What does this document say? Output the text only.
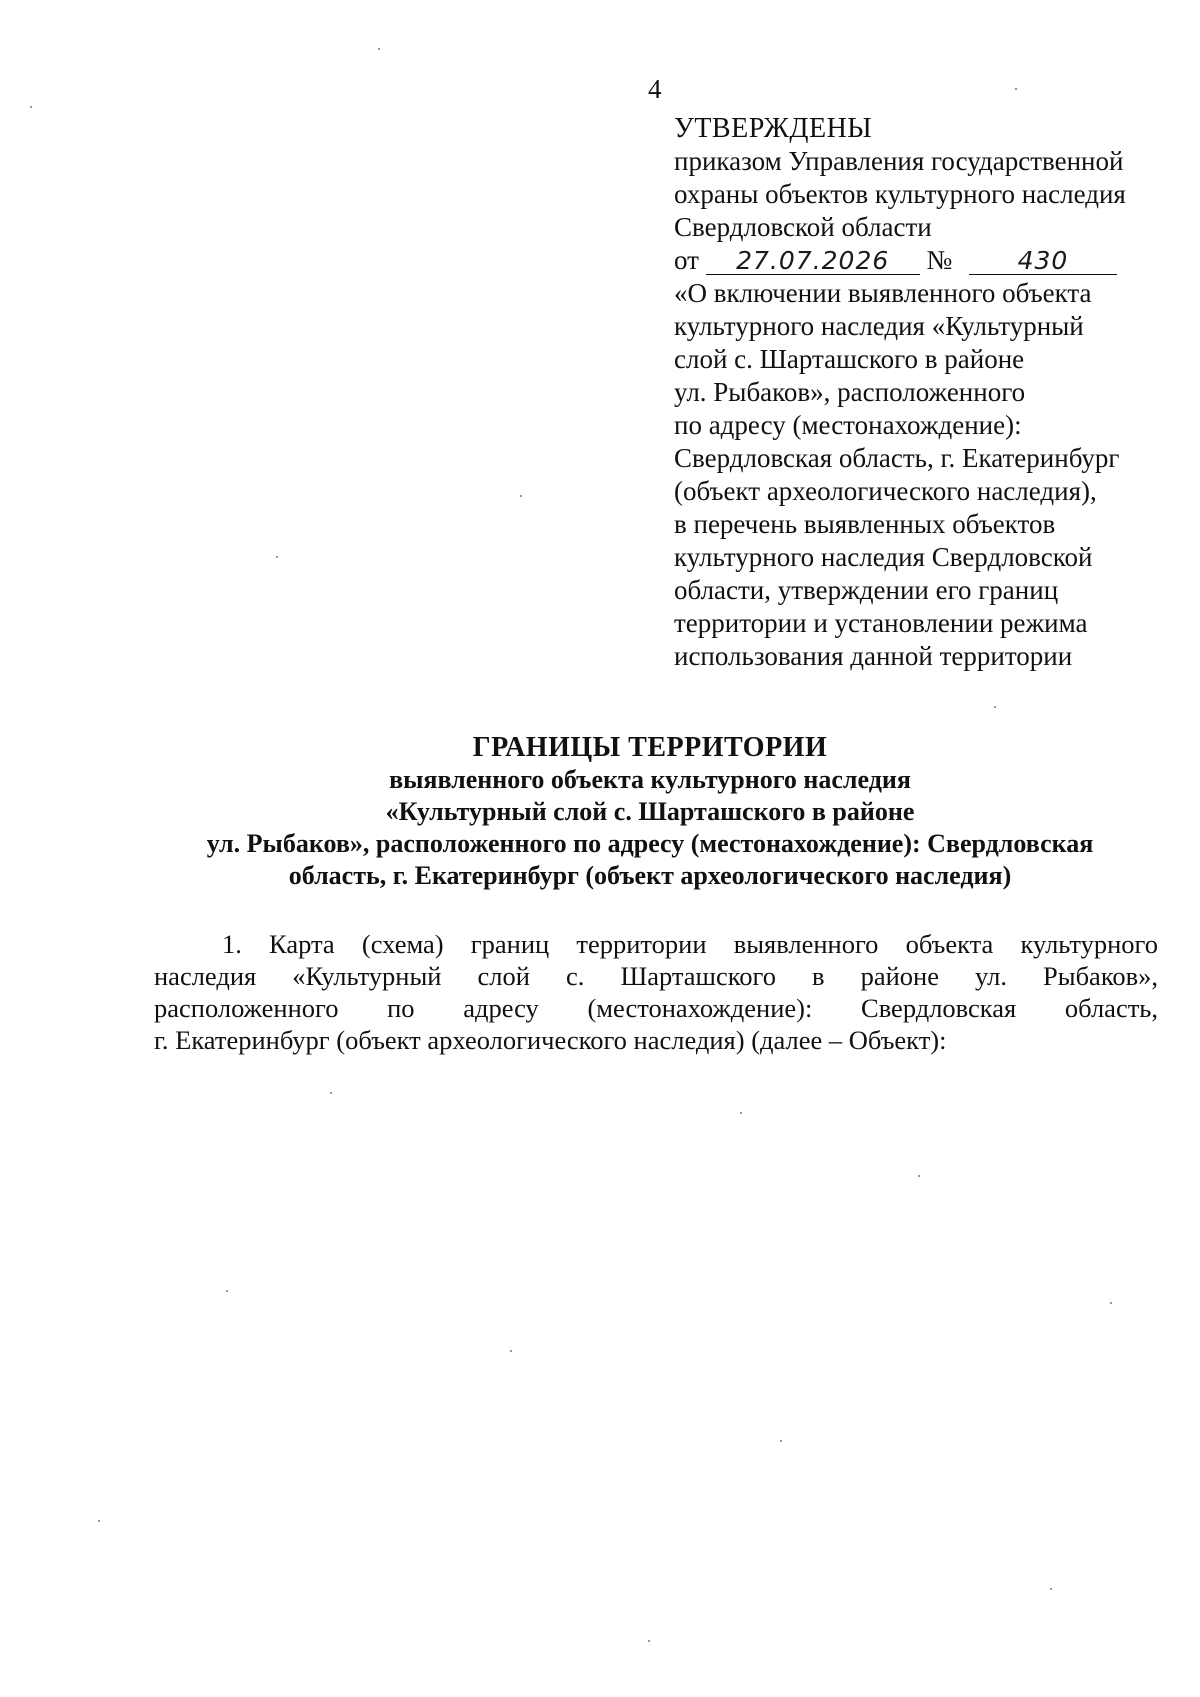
4
УТВЕРЖДЕНЫ
приказом Управления государственной
охраны объектов культурного наследия
Свердловской области
от 27.07.2026 №	430
«О включении выявленного объекта
культурного наследия «Культурный
слой с. Шарташского в районе
ул. Рыбаков», расположенного
по адресу (местонахождение):
Свердловская область, г. Екатеринбург
(объект археологического наследия),
в перечень выявленных объектов
культурного наследия Свердловской
области, утверждении его границ
территории и установлении режима
использования данной территории
ГРАНИЦЫ ТЕРРИТОРИИ
выявленного объекта культурного наследия
«Культурный слой с. Шарташского в районе
ул. Рыбаков», расположенного по адресу (местонахождение): Свердловская
область, г. Екатеринбург (объект археологического наследия)
1. Карта (схема) границ территории выявленного объекта культурного
наследия «Культурный слой с. Шарташского в районе ул. Рыбаков»,
расположенного по адресу (местонахождение): Свердловская область,
г. Екатеринбург (объект археологического наследия) (далее – Объект):
